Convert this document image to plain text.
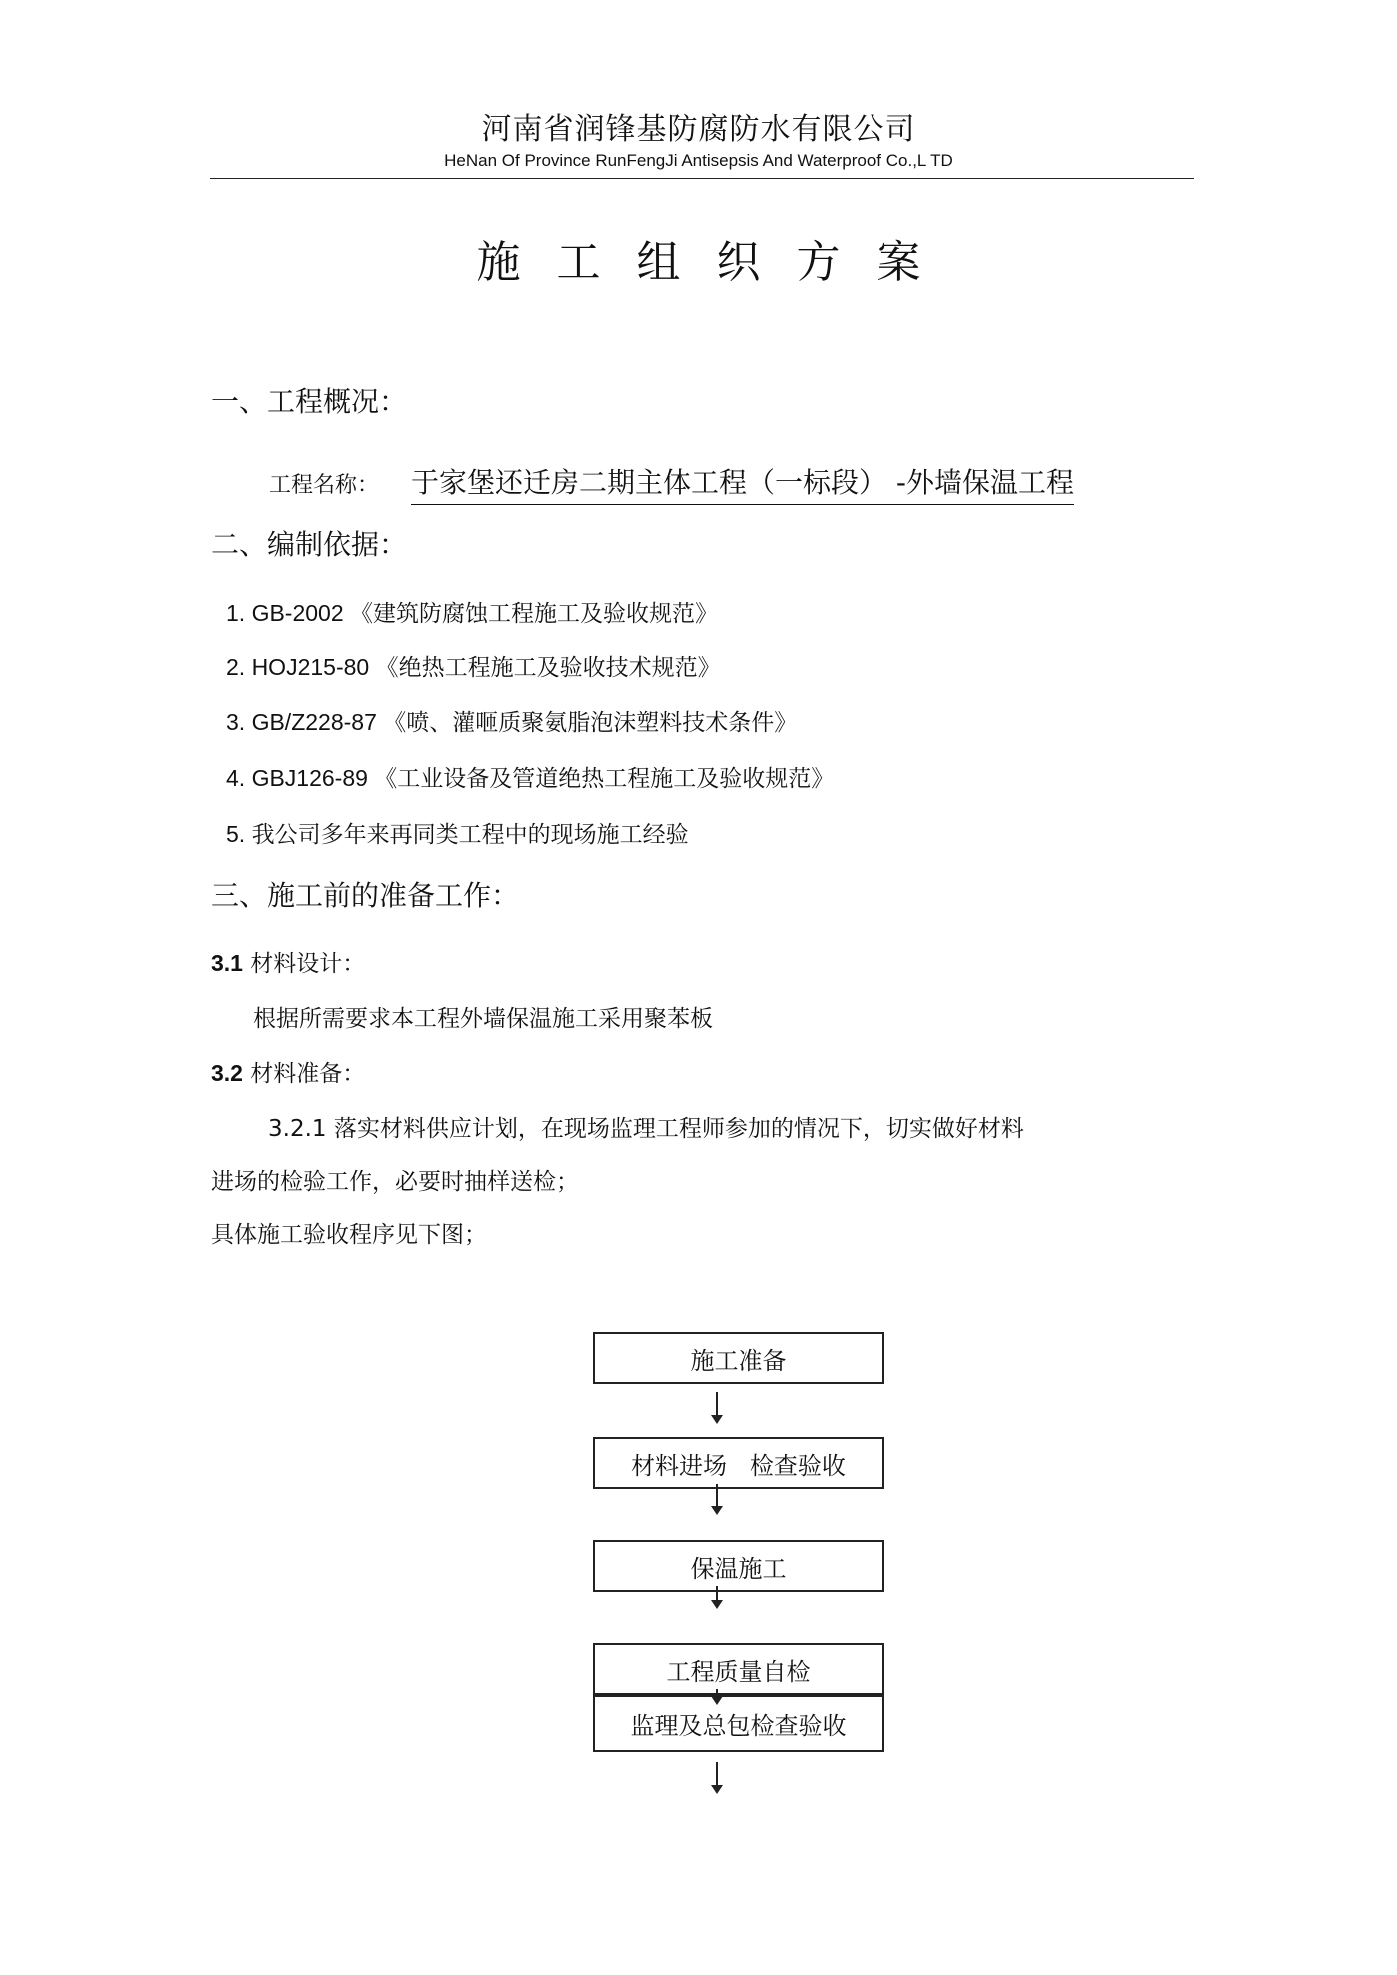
河南省润锋基防腐防水有限公司
HeNan Of Province RunFengJi Antisepsis And Waterproof Co.,L TD
施工组织方案
一、工程概况：
工程名称： 于家堡还迁房二期主体工程（一标段） -外墙保温工程
二、编制依据：
1. GB-2002 《建筑防腐蚀工程施工及验收规范》
2. HOJ215-80 《绝热工程施工及验收技术规范》
3. GB/Z228-87 《喷、灌咂质聚氨脂泡沫塑料技术条件》
4. GBJ126-89 《工业设备及管道绝热工程施工及验收规范》
5. 我公司多年来再同类工程中的现场施工经验
三、施工前的准备工作：
3.1 材料设计：
根据所需要求本工程外墙保温施工采用聚苯板
3.2 材料准备：
3.2.1 落实材料供应计划，在现场监理工程师参加的情况下，切实做好材料
进场的检验工作，必要时抽样送检；
具体施工验收程序见下图；
施工准备
材料进场   检查验收
保温施工
工程质量自检
监理及总包检查验收
